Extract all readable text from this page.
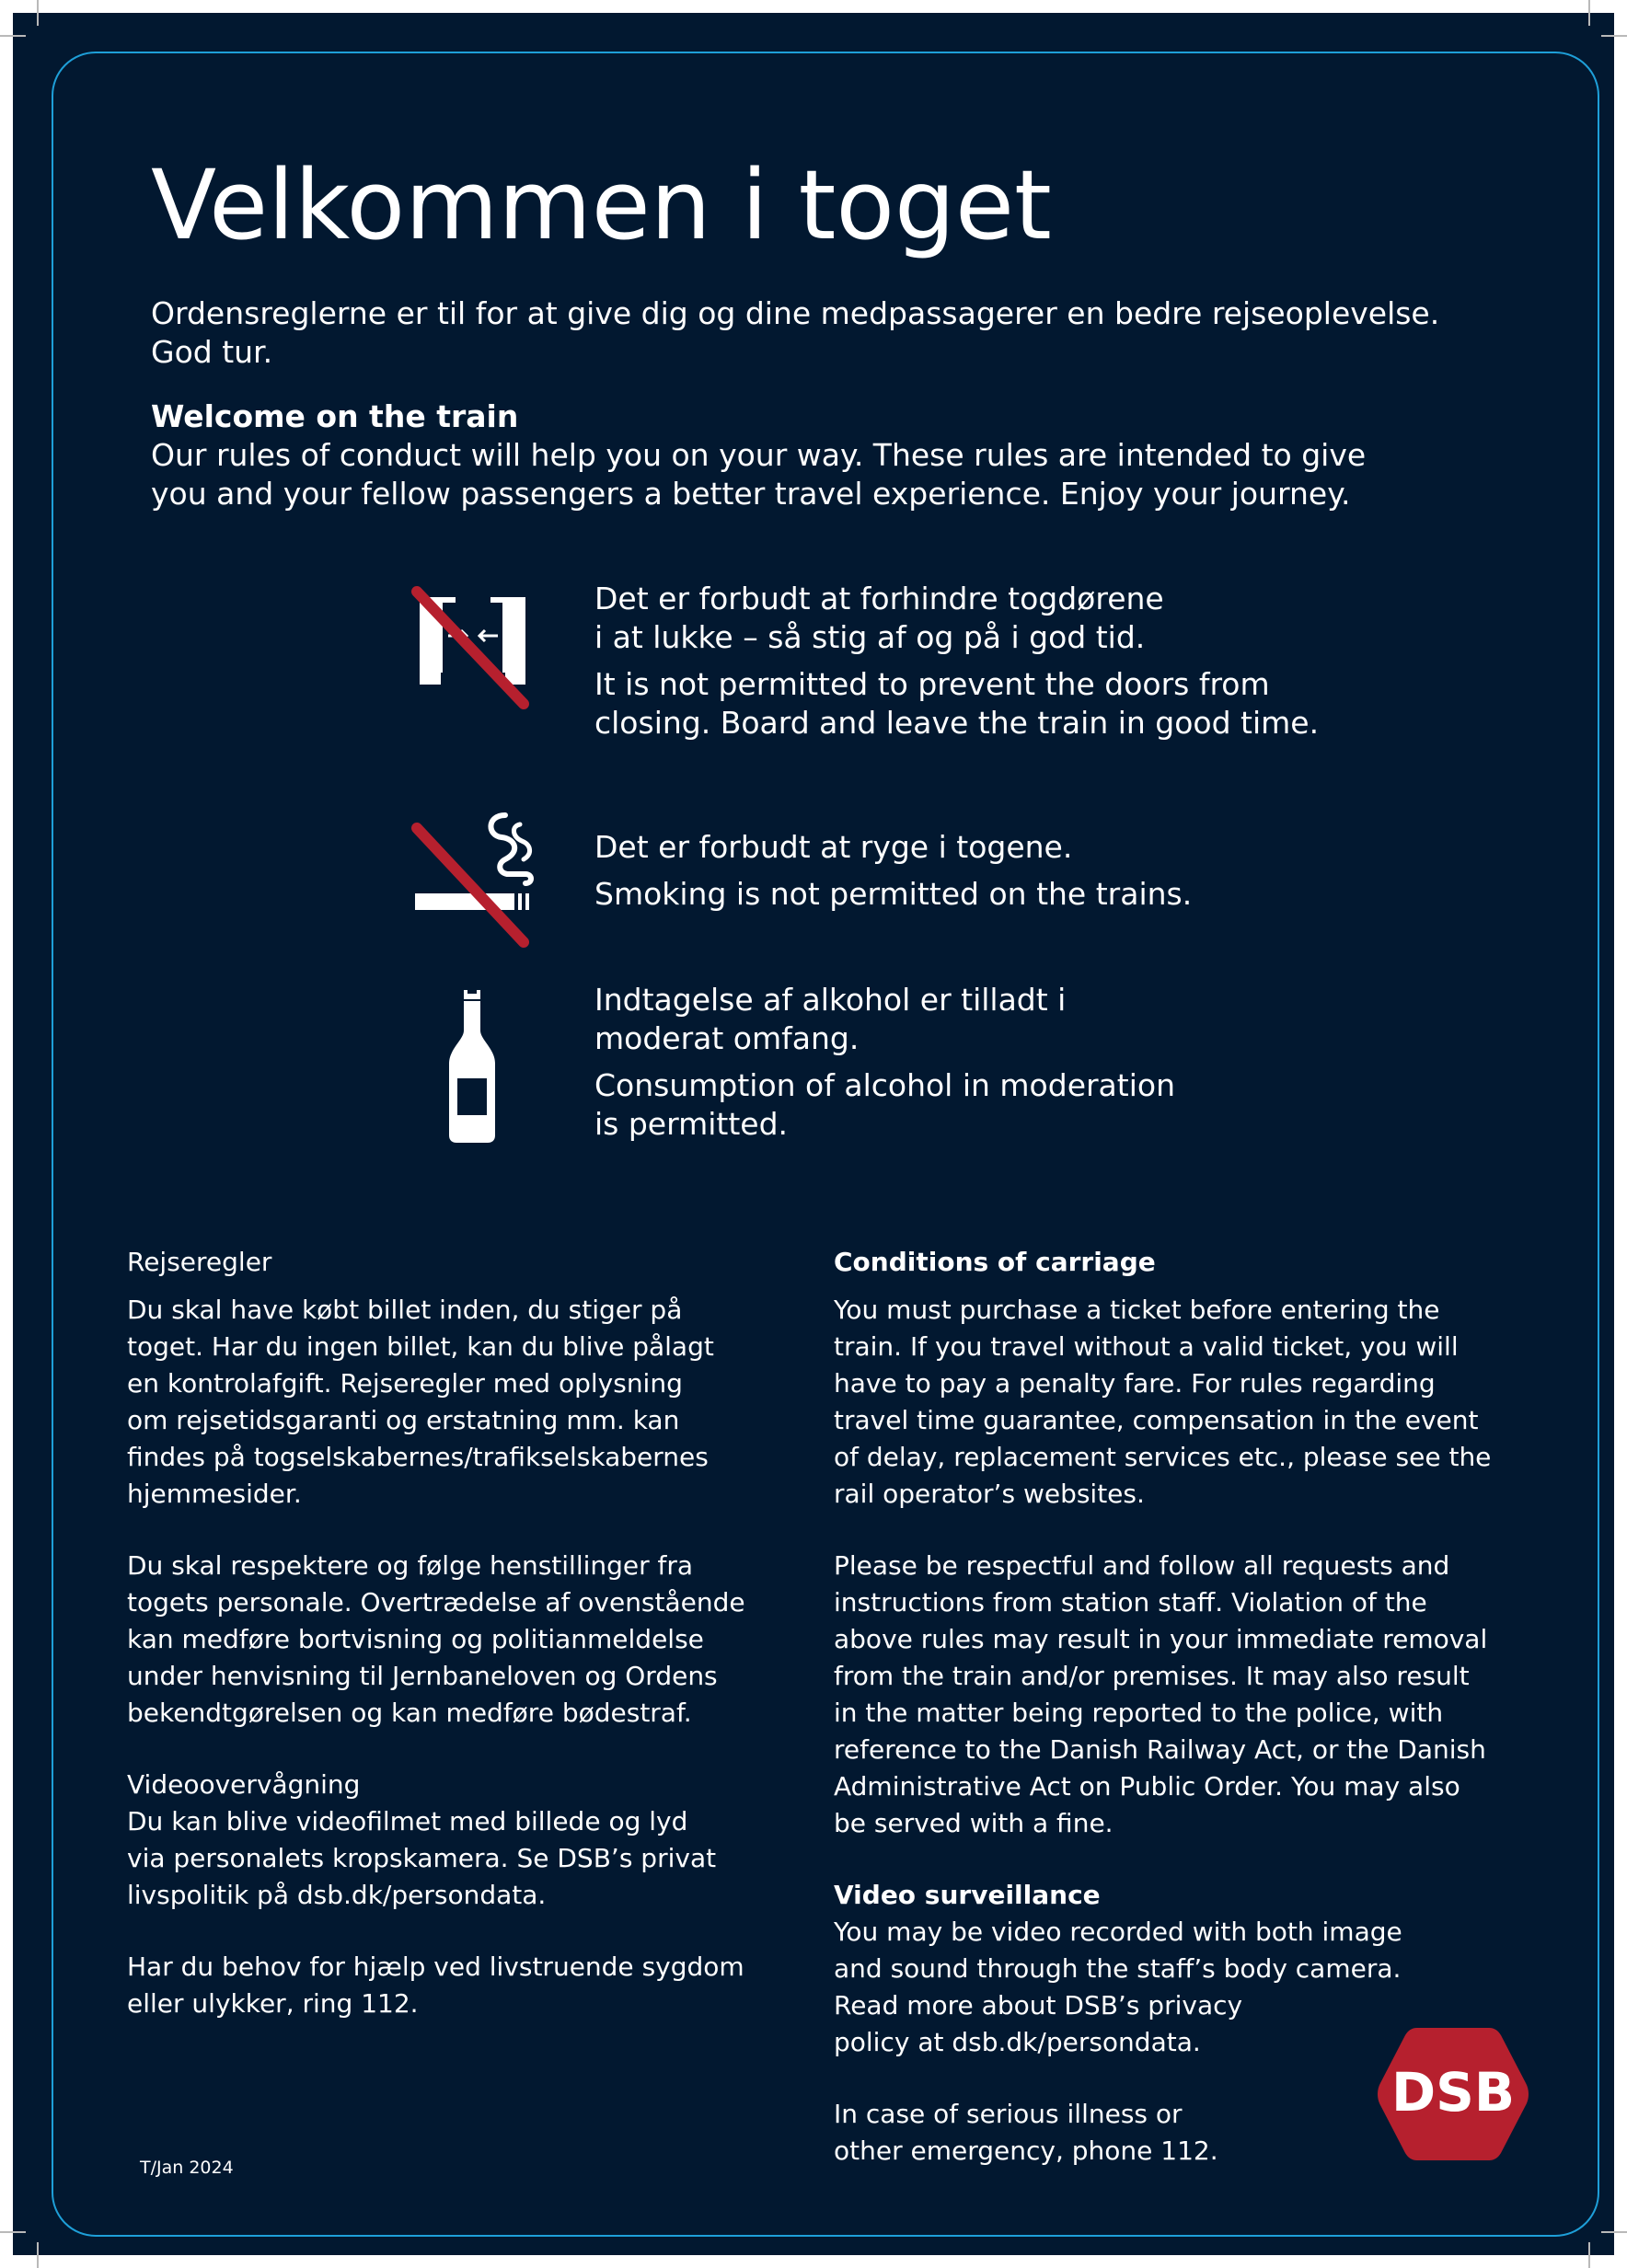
Velkommen i toget

Ordensreglerne er til for at give dig og dine medpassagerer en bedre rejseoplevelse.
God tur.

Welcome on the train
Our rules of conduct will help you on your way. These rules are intended to give
you and your fellow passengers a better travel experience. Enjoy your journey.
Det er forbudt at forhindre togdørene
i at lukke – så stig af og på i god tid.
It is not permitted to prevent the doors from
closing. Board and leave the train in good time.
Det er forbudt at ryge i togene.
Smoking is not permitted on the trains.
Indtagelse af alkohol er tilladt i
moderat omfang.
Consumption of alcohol in moderation
is permitted.
Rejseregler
Du skal have købt billet inden, du stiger på
toget. Har du ingen billet, kan du blive pålagt
en kontrolafgift. Rejseregler med oplysning
om rejsetidsgaranti og erstatning mm. kan
findes på togselskabernes/trafikselskabernes
hjemmesider.
Du skal respektere og følge henstillinger fra
togets personale. Overtrædelse af ovenstående
kan medføre bortvisning og politianmeldelse
under henvisning til Jernbaneloven og Ordens
bekendtgørelsen og kan medføre bødestraf.
Videoovervågning
Du kan blive videofilmet med billede og lyd
via personalets kropskamera. Se DSB’s privat
livspolitik på dsb.dk/persondata.
Har du behov for hjælp ved livstruende sygdom
eller ulykker, ring 112.
Conditions of carriage
You must purchase a ticket before entering the
train. If you travel without a valid ticket, you will
have to pay a penalty fare. For rules regarding
travel time guarantee, compensation in the event
of delay, replacement services etc., please see the
rail operator’s websites.
Please be respectful and follow all requests and
instructions from station staff. Violation of the
above rules may result in your immediate removal
from the train and/or premises. It may also result
in the matter being reported to the police, with
reference to the Danish Railway Act, or the Danish
Administrative Act on Public Order. You may also
be served with a fine.
Video surveillance
You may be video recorded with both image
and sound through the staff’s body camera.
Read more about DSB’s privacy
policy at dsb.dk/persondata.
In case of serious illness or
other emergency, phone 112.
T/Jan 2024
DSB
